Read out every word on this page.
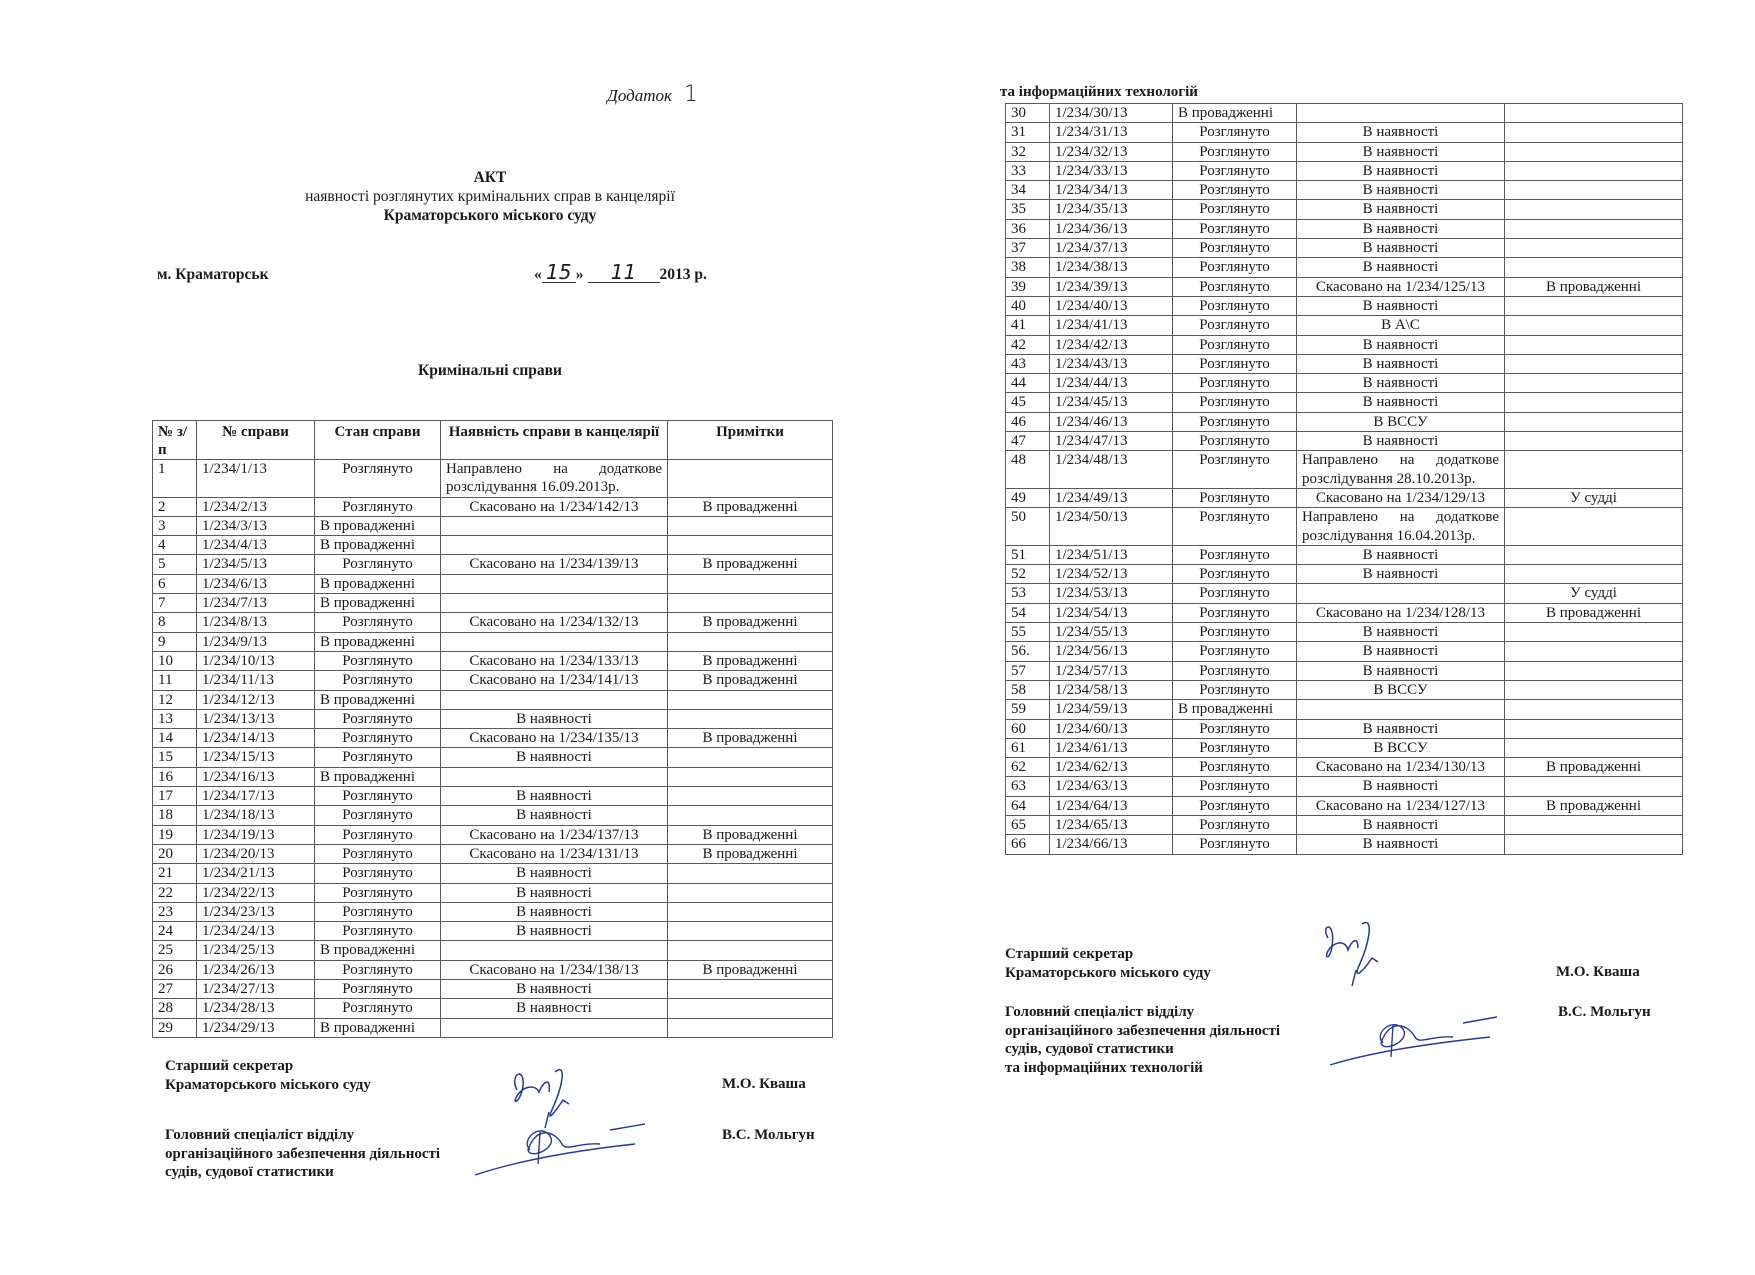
Додаток 1
АКТ
наявності розглянутих кримінальних справ в канцелярії
Краматорського міського суду
м. Краматорськ	« 15 » 11 2013 р.
Кримінальні справи
№ з/п	№ справи	Стан справи	Наявність справи в канцелярії	Примітки
1	1/234/1/13	Розглянуто	Направлено на додаткове розслідування 16.09.2013р.	
2	1/234/2/13	Розглянуто	Скасовано на 1/234/142/13	В провадженні
3	1/234/3/13	В провадженні		
4	1/234/4/13	В провадженні		
5	1/234/5/13	Розглянуто	Скасовано на 1/234/139/13	В провадженні
6	1/234/6/13	В провадженні		
7	1/234/7/13	В провадженні		
8	1/234/8/13	Розглянуто	Скасовано на 1/234/132/13	В провадженні
9	1/234/9/13	В провадженні		
10	1/234/10/13	Розглянуто	Скасовано на 1/234/133/13	В провадженні
11	1/234/11/13	Розглянуто	Скасовано на 1/234/141/13	В провадженні
12	1/234/12/13	В провадженні		
13	1/234/13/13	Розглянуто	В наявності	
14	1/234/14/13	Розглянуто	Скасовано на 1/234/135/13	В провадженні
15	1/234/15/13	Розглянуто	В наявності	
16	1/234/16/13	В провадженні		
17	1/234/17/13	Розглянуто	В наявності	
18	1/234/18/13	Розглянуто	В наявності	
19	1/234/19/13	Розглянуто	Скасовано на 1/234/137/13	В провадженні
20	1/234/20/13	Розглянуто	Скасовано на 1/234/131/13	В провадженні
21	1/234/21/13	Розглянуто	В наявності	
22	1/234/22/13	Розглянуто	В наявності	
23	1/234/23/13	Розглянуто	В наявності	
24	1/234/24/13	Розглянуто	В наявності	
25	1/234/25/13	В провадженні		
26	1/234/26/13	Розглянуто	Скасовано на 1/234/138/13	В провадженні
27	1/234/27/13	Розглянуто	В наявності	
28	1/234/28/13	Розглянуто	В наявності	
29	1/234/29/13	В провадженні		
Старший секретар
Краматорського міського суду	М.О. Кваша
Головний спеціаліст відділу
організаційного забезпечення діяльності
судів, судової статистики
В.С. Мольгун
та інформаційних технологій
30	1/234/30/13	В провадженні		
31	1/234/31/13	Розглянуто	В наявності	
32	1/234/32/13	Розглянуто	В наявності	
33	1/234/33/13	Розглянуто	В наявності	
34	1/234/34/13	Розглянуто	В наявності	
35	1/234/35/13	Розглянуто	В наявності	
36	1/234/36/13	Розглянуто	В наявності	
37	1/234/37/13	Розглянуто	В наявності	
38	1/234/38/13	Розглянуто	В наявності	
39	1/234/39/13	Розглянуто	Скасовано на 1/234/125/13	В провадженні
40	1/234/40/13	Розглянуто	В наявності	
41	1/234/41/13	Розглянуто	В А\С	
42	1/234/42/13	Розглянуто	В наявності	
43	1/234/43/13	Розглянуто	В наявності	
44	1/234/44/13	Розглянуто	В наявності	
45	1/234/45/13	Розглянуто	В наявності	
46	1/234/46/13	Розглянуто	В ВССУ	
47	1/234/47/13	Розглянуто	В наявності	
48	1/234/48/13	Розглянуто	Направлено на додаткове розслідування 28.10.2013р.	
49	1/234/49/13	Розглянуто	Скасовано на 1/234/129/13	У судді
50	1/234/50/13	Розглянуто	Направлено на додаткове розслідування 16.04.2013р.	
51	1/234/51/13	Розглянуто	В наявності	
52	1/234/52/13	Розглянуто	В наявності	
53	1/234/53/13	Розглянуто		У судді
54	1/234/54/13	Розглянуто	Скасовано на 1/234/128/13	В провадженні
55	1/234/55/13	Розглянуто	В наявності	
56.	1/234/56/13	Розглянуто	В наявності	
57	1/234/57/13	Розглянуто	В наявності	
58	1/234/58/13	Розглянуто	В ВССУ	
59	1/234/59/13	В провадженні		
60	1/234/60/13	Розглянуто	В наявності	
61	1/234/61/13	Розглянуто	В ВССУ	
62	1/234/62/13	Розглянуто	Скасовано на 1/234/130/13	В провадженні
63	1/234/63/13	Розглянуто	В наявності	
64	1/234/64/13	Розглянуто	Скасовано на 1/234/127/13	В провадженні
65	1/234/65/13	Розглянуто	В наявності	
66	1/234/66/13	Розглянуто	В наявності	
Старший секретар
Краматорського міського суду	М.О. Кваша
Головний спеціаліст відділу
організаційного забезпечення діяльності
судів, судової статистики
та інформаційних технологій
В.С. Мольгун
